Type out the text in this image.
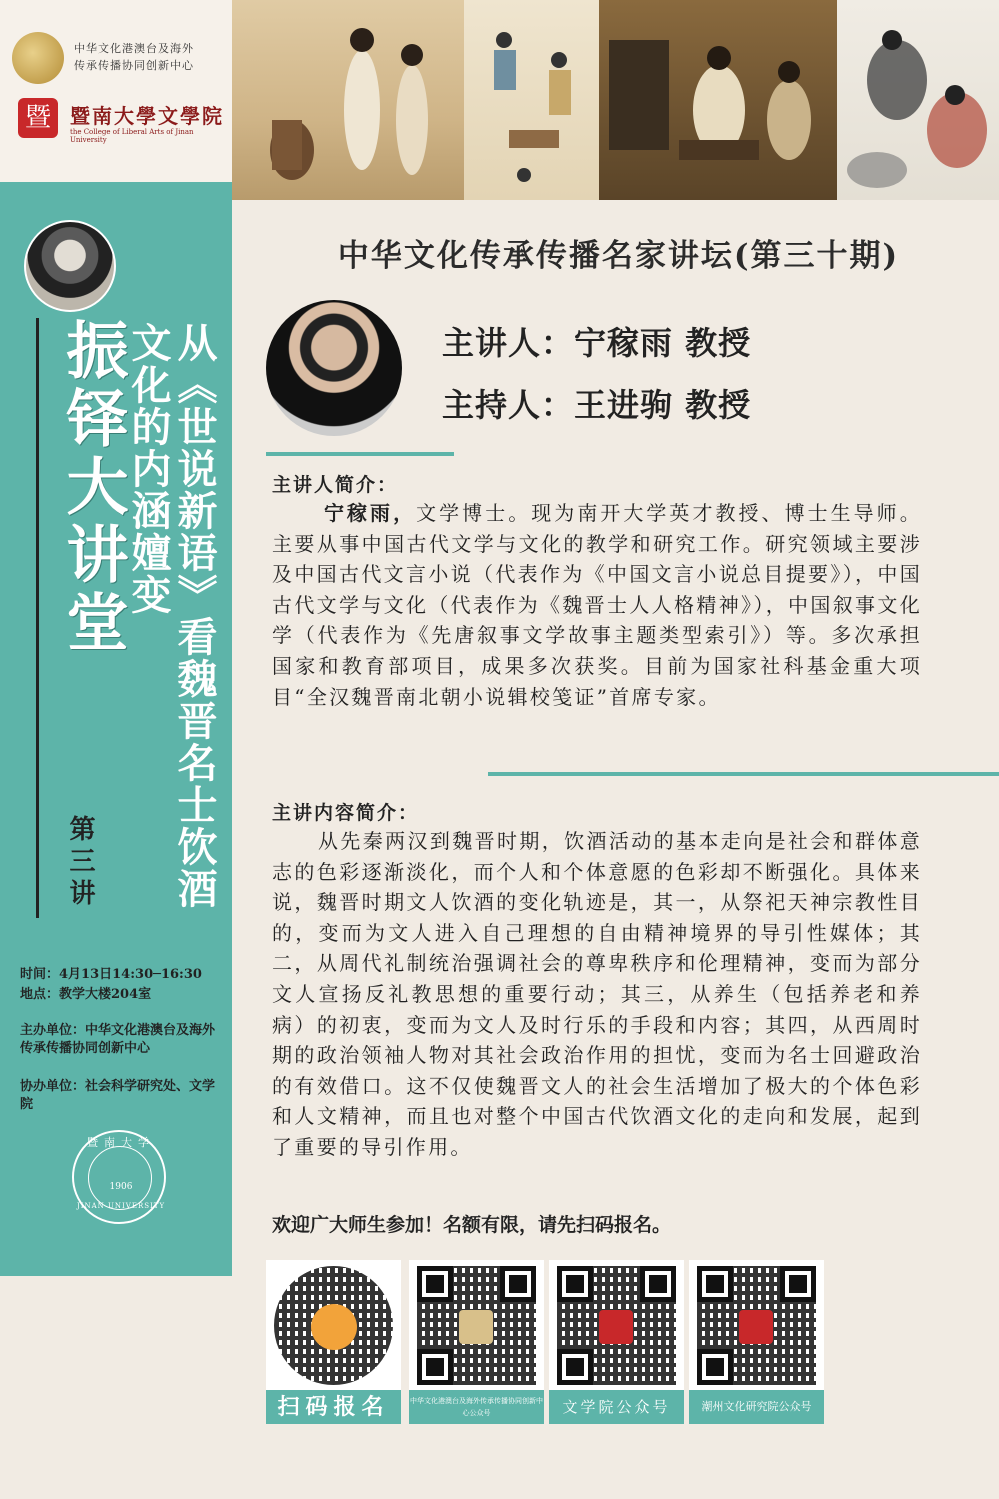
中华文化港澳台及海外
传承传播协同创新中心
暨 暨南大學文學院
the College of Liberal Arts of Jinan University
振铎大讲堂
第三讲 从《世说新语》看魏晋名士饮酒
文化的内涵嬗变
时间：4月13日14:30─16:30
地点：教学大楼204室
主办单位：中华文化港澳台及海外传承传播协同创新中心
协办单位：社会科学研究处、文学院
暨南大学
1906
JINAN UNIVERSITY
中华文化传承传播名家讲坛(第三十期)
主讲人：宁稼雨 教授
主持人：王进驹 教授
主讲人简介：
宁稼雨，文学博士。现为南开大学英才教授、博士生导师。主要从事中国古代文学与文化的教学和研究工作。研究领域主要涉及中国古代文言小说（代表作为《中国文言小说总目提要》），中国古代文学与文化（代表作为《魏晋士人人格精神》），中国叙事文化学（代表作为《先唐叙事文学故事主题类型索引》）等。多次承担国家和教育部项目，成果多次获奖。目前为国家社科基金重大项目“全汉魏晋南北朝小说辑校笺证”首席专家。
主讲内容简介：
从先秦两汉到魏晋时期，饮酒活动的基本走向是社会和群体意志的色彩逐渐淡化，而个人和个体意愿的色彩却不断强化。具体来说，魏晋时期文人饮酒的变化轨迹是，其一，从祭祀天神宗教性目的，变而为文人进入自己理想的自由精神境界的导引性媒体；其二，从周代礼制统治强调社会的尊卑秩序和伦理精神，变而为部分文人宣扬反礼教思想的重要行动；其三，从养生（包括养老和养病）的初衷，变而为文人及时行乐的手段和内容；其四，从西周时期的政治领袖人物对其社会政治作用的担忧，变而为名士回避政治的有效借口。这不仅使魏晋文人的社会生活增加了极大的个体色彩和人文精神，而且也对整个中国古代饮酒文化的走向和发展，起到了重要的导引作用。
欢迎广大师生参加！名额有限，请先扫码报名。
扫码报名	中华文化港澳台及海外传承传播协同创新中心公众号	文学院公众号	潮州文化研究院公众号
